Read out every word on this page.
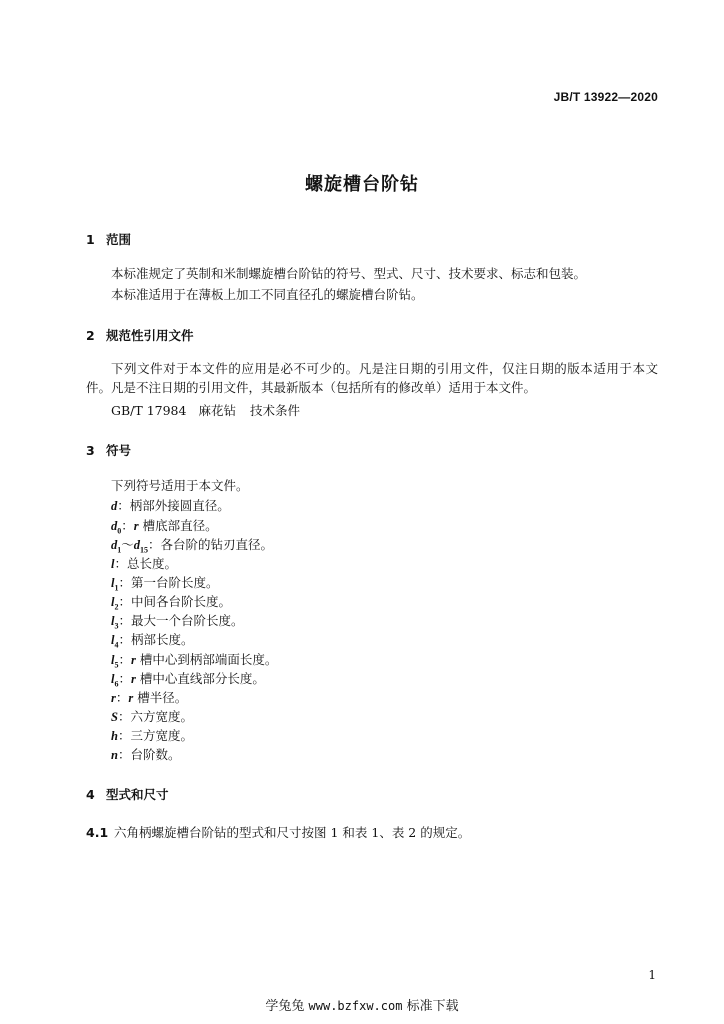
JB/T 13922—2020
螺旋槽台阶钻
1 范围
本标准规定了英制和米制螺旋槽台阶钻的符号、型式、尺寸、技术要求、标志和包装。
本标准适用于在薄板上加工不同直径孔的螺旋槽台阶钻。
2 规范性引用文件
下列文件对于本文件的应用是必不可少的。凡是注日期的引用文件，仅注日期的版本适用于本文件。凡是不注日期的引用文件，其最新版本（包括所有的修改单）适用于本文件。
GB/T 17984 麻花钻 技术条件
3 符号
下列符号适用于本文件。
d：柄部外接圆直径。
$d_0$：r 槽底部直径。
$d_1\sim d_{15}$：各台阶的钻刃直径。
l：总长度。
$l_1$：第一台阶长度。
$l_2$：中间各台阶长度。
$l_3$：最大一个台阶长度。
$l_4$：柄部长度。
$l_5$：r 槽中心到柄部端面长度。
$l_6$：r 槽中心直线部分长度。
r：r 槽半径。
S：六方宽度。
h：三方宽度。
n：台阶数。
4 型式和尺寸
4.1 六角柄螺旋槽台阶钻的型式和尺寸按图 1 和表 1、表 2 的规定。
1
学兔兔 www.bzfxw.com 标准下载
